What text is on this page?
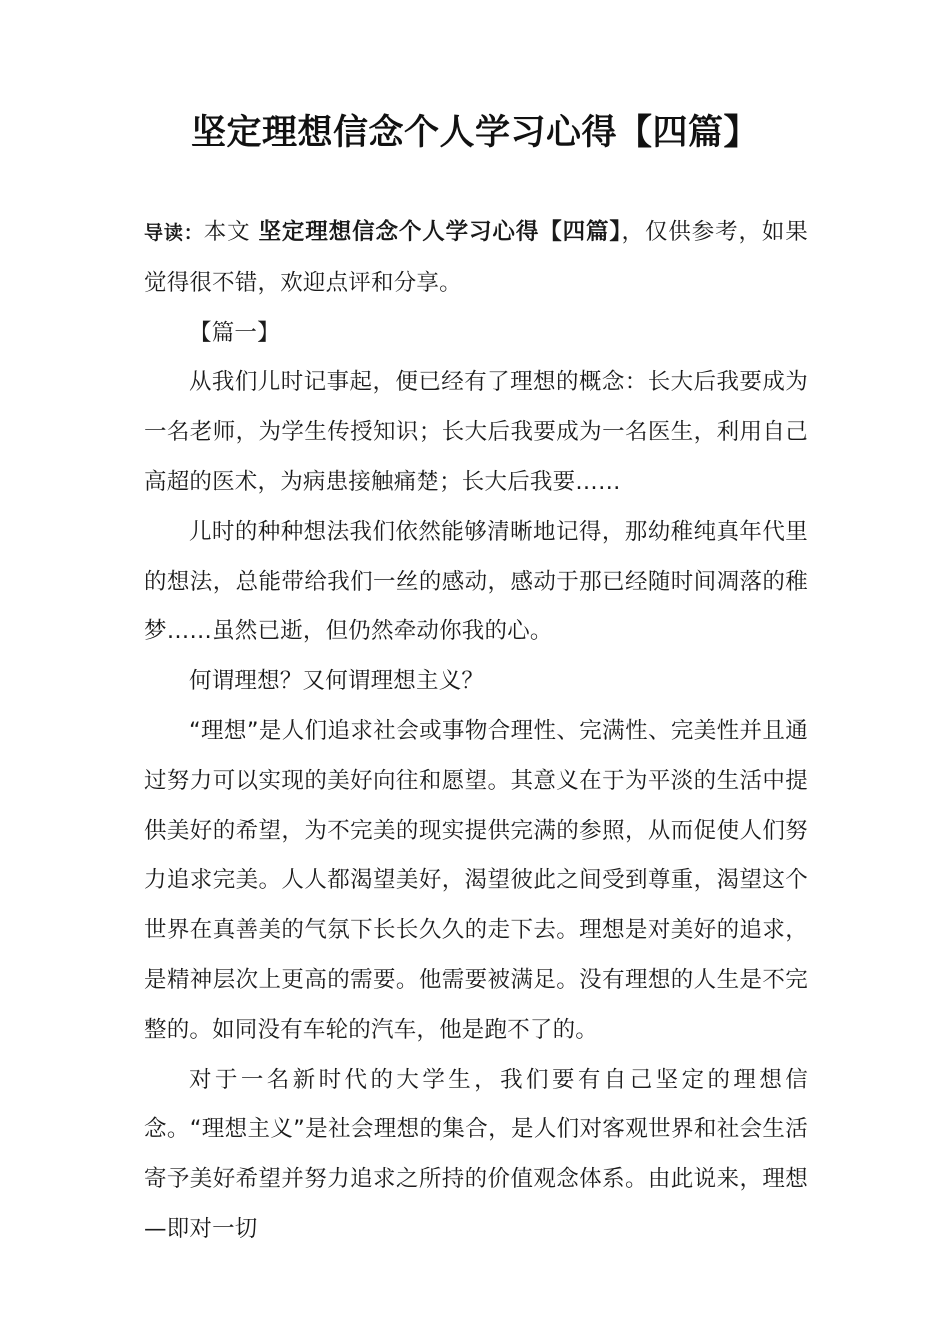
坚定理想信念个人学习心得【四篇】

导读：本文 坚定理想信念个人学习心得【四篇】，仅供参考，如果觉得很不错，欢迎点评和分享。

【篇一】

从我们儿时记事起，便已经有了理想的概念：长大后我要成为一名老师，为学生传授知识；长大后我要成为一名医生，利用自己高超的医术，为病患接触痛楚；长大后我要……

儿时的种种想法我们依然能够清晰地记得，那幼稚纯真年代里的想法，总能带给我们一丝的感动，感动于那已经随时间凋落的稚梦……虽然已逝，但仍然牵动你我的心。

何谓理想？又何谓理想主义？

“理想”是人们追求社会或事物合理性、完满性、完美性并且通过努力可以实现的美好向往和愿望。其意义在于为平淡的生活中提供美好的希望，为不完美的现实提供完满的参照，从而促使人们努力追求完美。人人都渴望美好，渴望彼此之间受到尊重，渴望这个世界在真善美的气氛下长长久久的走下去。理想是对美好的追求，是精神层次上更高的需要。他需要被满足。没有理想的人生是不完整的。如同没有车轮的汽车，他是跑不了的。

对于一名新时代的大学生，我们要有自己坚定的理想信念。“理想主义”是社会理想的集合，是人们对客观世界和社会生活寄予美好希望并努力追求之所持的价值观念体系。由此说来，理想—即对一切
